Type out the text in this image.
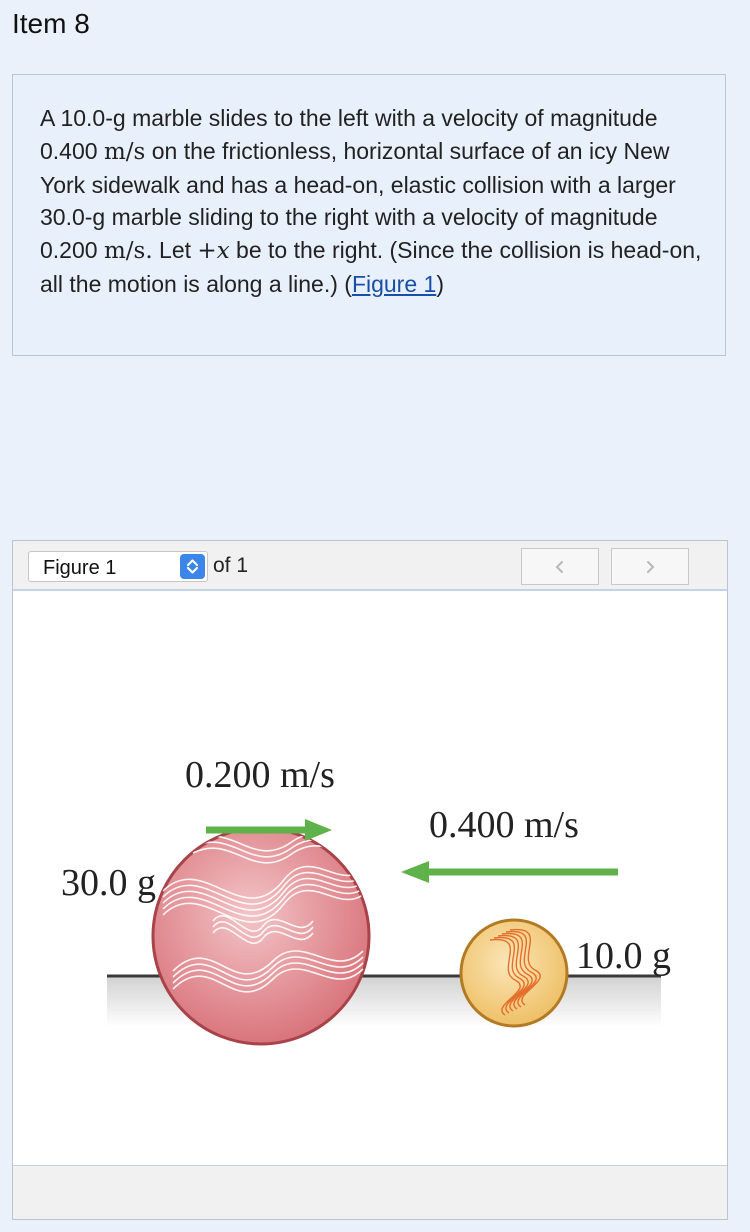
Item 8

A 10.0-g marble slides to the left with a velocity of magnitude 0.400 m/s on the frictionless, horizontal surface of an icy New York sidewalk and has a head-on, elastic collision with a larger 30.0-g marble sliding to the right with a velocity of magnitude 0.200 m/s. Let +x be to the right. (Since the collision is head-on, all the motion is along a line.) (Figure 1)

Figure 1	of 1
0.200 m/s
30.0 g
0.400 m/s
10.0 g
